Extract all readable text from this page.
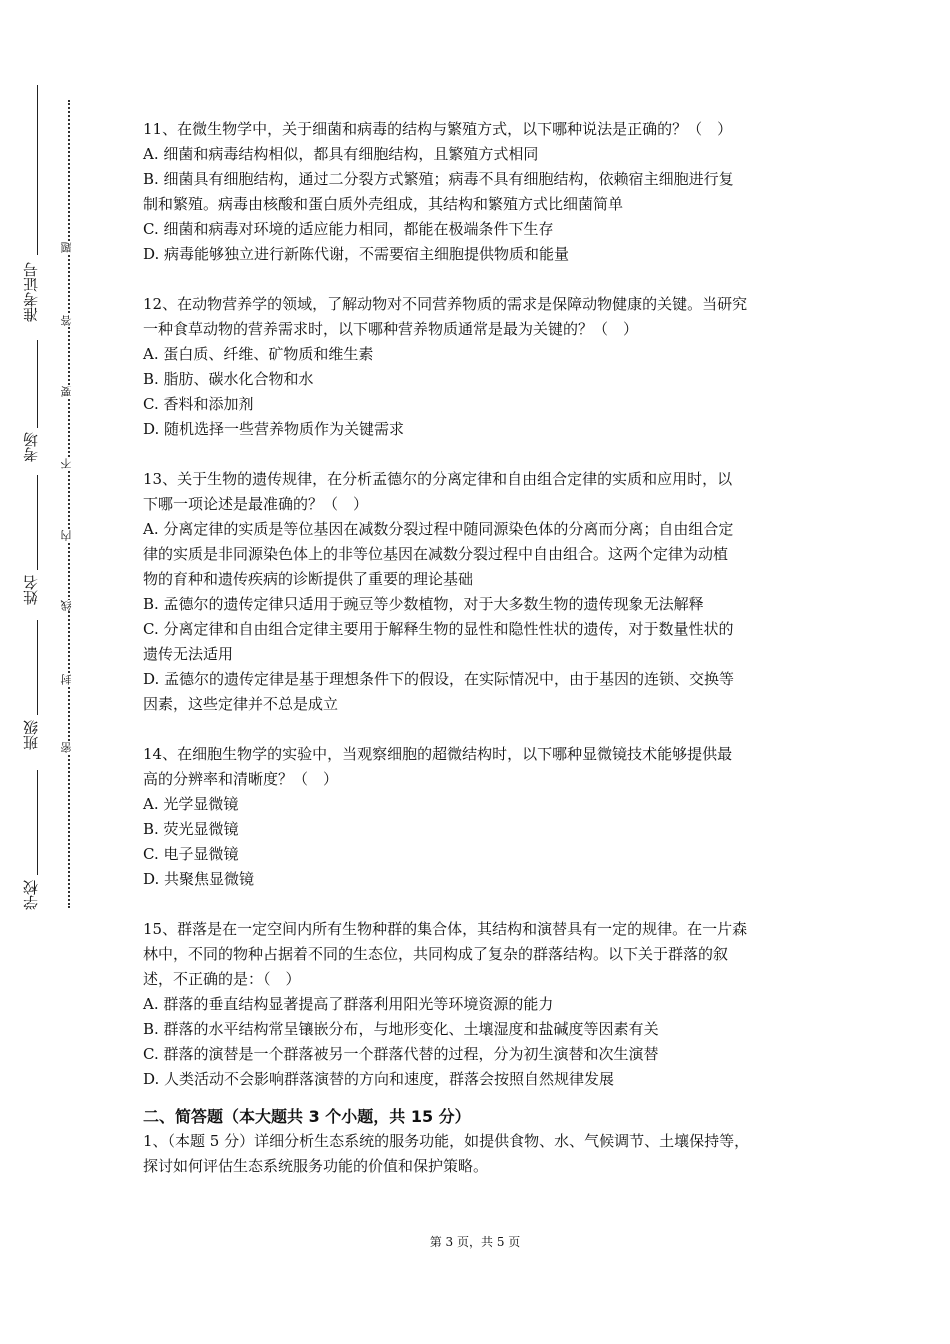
学校
班级
姓名
考场
准考证号
密
封
线
内
不
要
答
题

11、在微生物学中，关于细菌和病毒的结构与繁殖方式，以下哪种说法是正确的？（　）

A. 细菌和病毒结构相似，都具有细胞结构，且繁殖方式相同

B. 细菌具有细胞结构，通过二分裂方式繁殖；病毒不具有细胞结构，依赖宿主细胞进行复

制和繁殖。病毒由核酸和蛋白质外壳组成，其结构和繁殖方式比细菌简单

C. 细菌和病毒对环境的适应能力相同，都能在极端条件下生存

D. 病毒能够独立进行新陈代谢，不需要宿主细胞提供物质和能量

12、在动物营养学的领域，了解动物对不同营养物质的需求是保障动物健康的关键。当研究

一种食草动物的营养需求时，以下哪种营养物质通常是最为关键的？（　）

A. 蛋白质、纤维、矿物质和维生素

B. 脂肪、碳水化合物和水

C. 香料和添加剂

D. 随机选择一些营养物质作为关键需求

13、关于生物的遗传规律，在分析孟德尔的分离定律和自由组合定律的实质和应用时，以

下哪一项论述是最准确的？（　）

A. 分离定律的实质是等位基因在减数分裂过程中随同源染色体的分离而分离；自由组合定

律的实质是非同源染色体上的非等位基因在减数分裂过程中自由组合。这两个定律为动植

物的育种和遗传疾病的诊断提供了重要的理论基础

B. 孟德尔的遗传定律只适用于豌豆等少数植物，对于大多数生物的遗传现象无法解释

C. 分离定律和自由组合定律主要用于解释生物的显性和隐性性状的遗传，对于数量性状的

遗传无法适用

D. 孟德尔的遗传定律是基于理想条件下的假设，在实际情况中，由于基因的连锁、交换等

因素，这些定律并不总是成立

14、在细胞生物学的实验中，当观察细胞的超微结构时，以下哪种显微镜技术能够提供最

高的分辨率和清晰度？（　）

A. 光学显微镜

B. 荧光显微镜

C. 电子显微镜

D. 共聚焦显微镜

15、群落是在一定空间内所有生物种群的集合体，其结构和演替具有一定的规律。在一片森

林中，不同的物种占据着不同的生态位，共同构成了复杂的群落结构。以下关于群落的叙

述，不正确的是：（　）

A. 群落的垂直结构显著提高了群落利用阳光等环境资源的能力

B. 群落的水平结构常呈镶嵌分布，与地形变化、土壤湿度和盐碱度等因素有关

C. 群落的演替是一个群落被另一个群落代替的过程，分为初生演替和次生演替

D. 人类活动不会影响群落演替的方向和速度，群落会按照自然规律发展

二、简答题（本大题共 3 个小题，共 15 分）

1、（本题 5 分）详细分析生态系统的服务功能，如提供食物、水、气候调节、土壤保持等，

探讨如何评估生态系统服务功能的价值和保护策略。

第 3 页，共 5 页
